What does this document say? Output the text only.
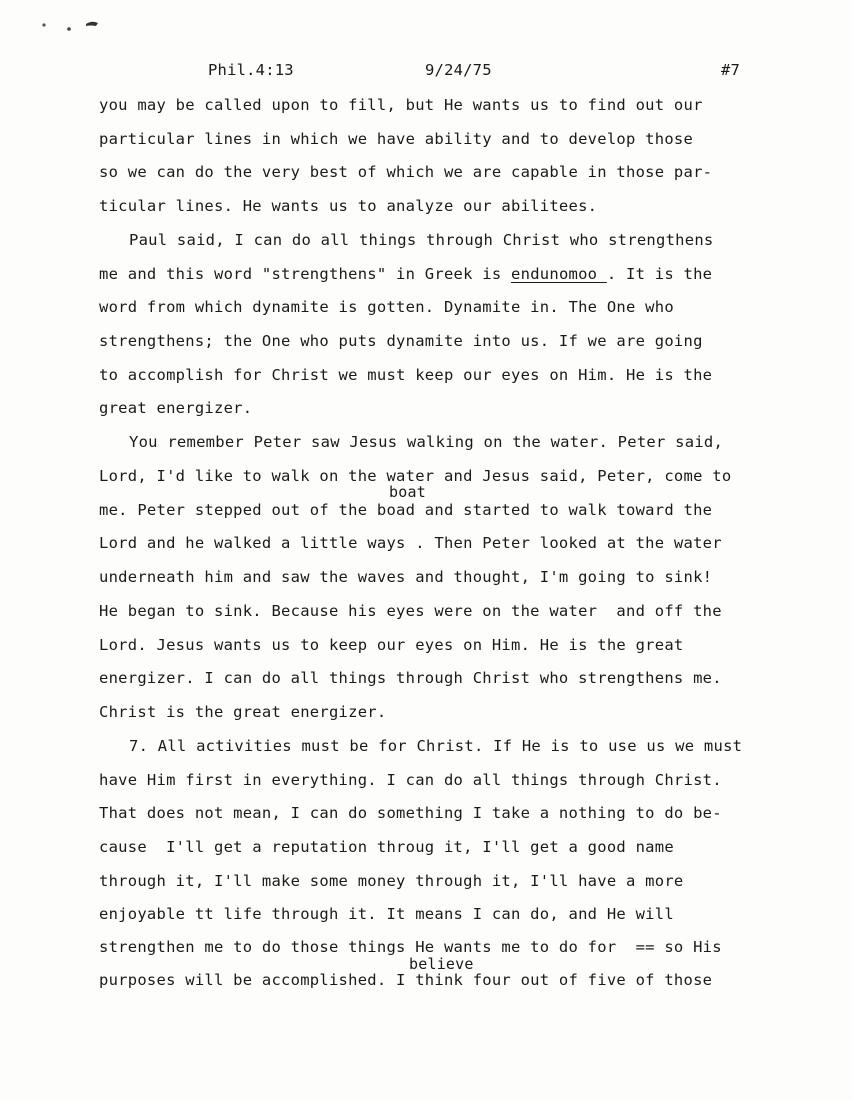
Phil.4:13	9/24/75	#7
you may be called upon to fill, but He wants us to find out our
particular lines in which we have ability and to develop those
so we can do the very best of which we are capable in those par-
ticular lines. He wants us to analyze our abilitees.
Paul said, I can do all things through Christ who strengthens
me and this word "strengthens" in Greek is endunomoo . It is the
word from which dynamite is gotten. Dynamite in. The One who
strengthens; the One who puts dynamite into us. If we are going
to accomplish for Christ we must keep our eyes on Him. He is the
great energizer.
You remember Peter saw Jesus walking on the water. Peter said,
Lord, I'd like to walk on the water and Jesus said, Peter, come to
boat
me. Peter stepped out of the boad and started to walk toward the
Lord and he walked a little ways . Then Peter looked at the water
underneath him and saw the waves and thought, I'm going to sink!
He began to sink. Because his eyes were on the water  and off the
Lord. Jesus wants us to keep our eyes on Him. He is the great
energizer. I can do all things through Christ who strengthens me.
Christ is the great energizer.
7. All activities must be for Christ. If He is to use us we must
have Him first in everything. I can do all things through Christ.
That does not mean, I can do something I take a nothing to do be-
cause  I'll get a reputation throug it, I'll get a good name
through it, I'll make some money through it, I'll have a more
enjoyable tt life through it. It means I can do, and He will
strengthen me to do those things He wants me to do for  == so His
believe
purposes will be accomplished. I think four out of five of those
